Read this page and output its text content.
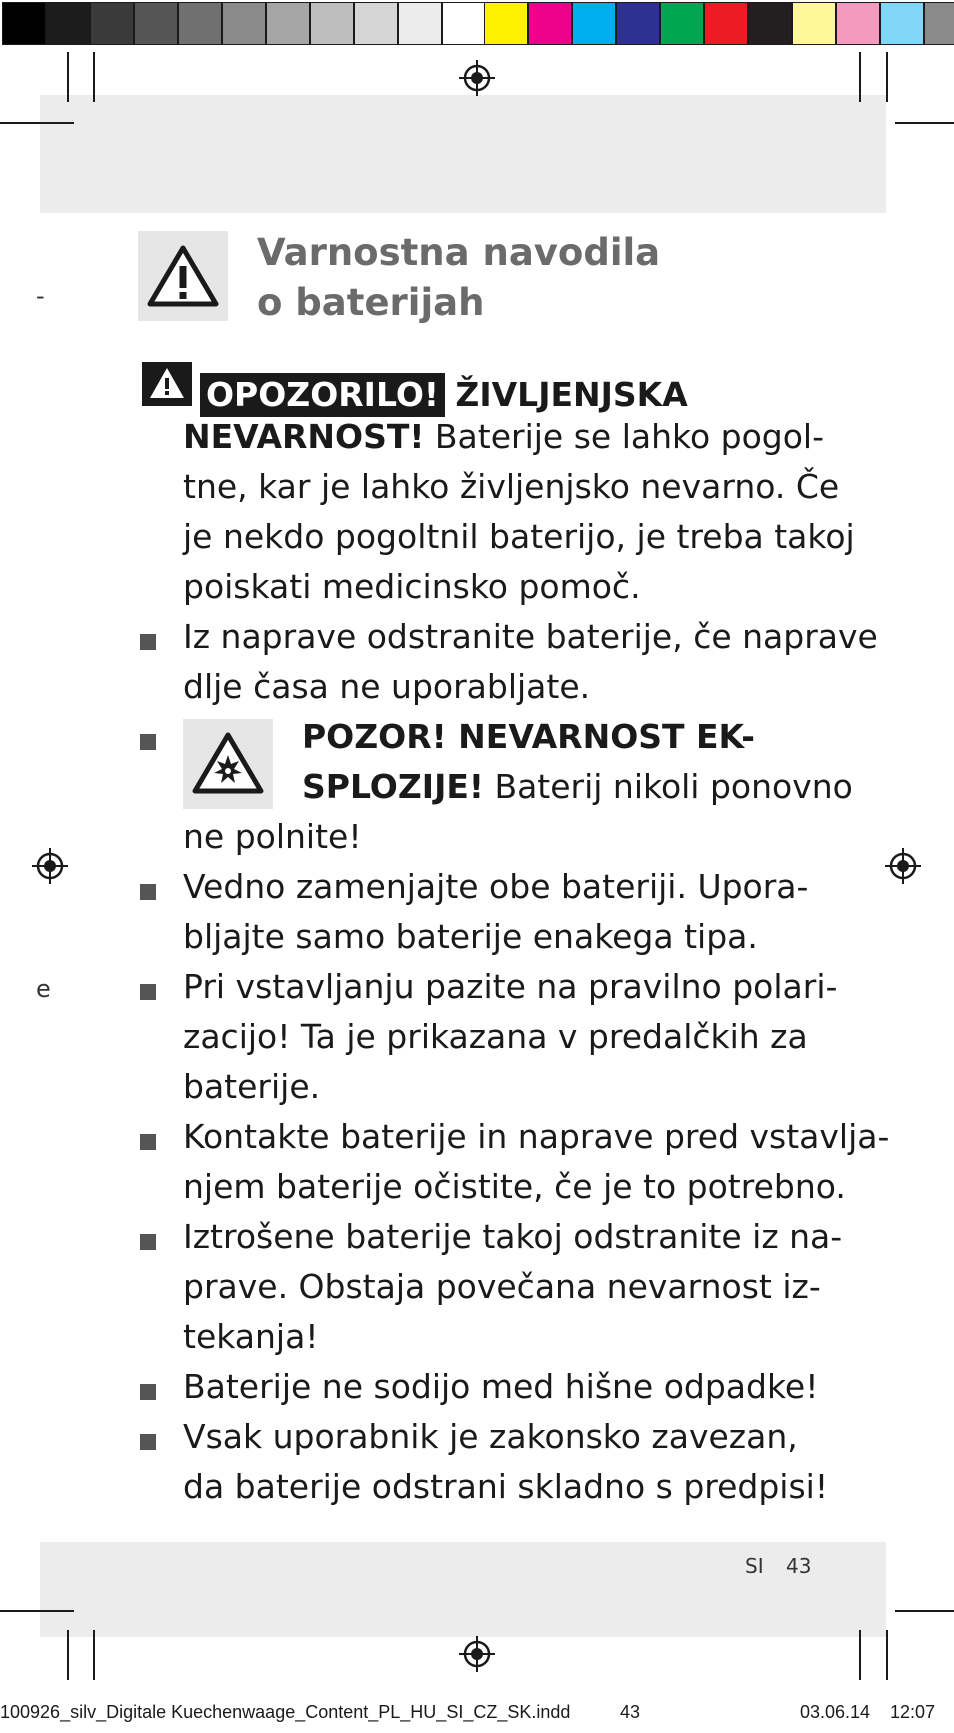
-
e
Varnostna navodila
o baterijah
OPOZORILO! ŽIVLJENJSKA
NEVARNOST! Baterije se lahko pogol-
tne, kar je lahko življenjsko nevarno. Če
je nekdo pogoltnil baterijo, je treba takoj
poiskati medicinsko pomoč.
Iz naprave odstranite baterije, če naprave
dlje časa ne uporabljate.
POZOR! NEVARNOST EK-
SPLOZIJE! Baterij nikoli ponovno
ne polnite!
Vedno zamenjajte obe bateriji. Upora-
bljajte samo baterije enakega tipa.
Pri vstavljanju pazite na pravilno polari-
zacijo! Ta je prikazana v predalčkih za
baterije.
Kontakte baterije in naprave pred vstavlja-
njem baterije očistite, če je to potrebno.
Iztrošene baterije takoj odstranite iz na-
prave. Obstaja povečana nevarnost iz-
tekanja!
Baterije ne sodijo med hišne odpadke!
Vsak uporabnik je zakonsko zavezan,
da baterije odstrani skladno s predpisi!
SI 43
100926_silv_Digitale Kuechenwaage_Content_PL_HU_SI_CZ_SK.indd	43	03.06.14 12:07
